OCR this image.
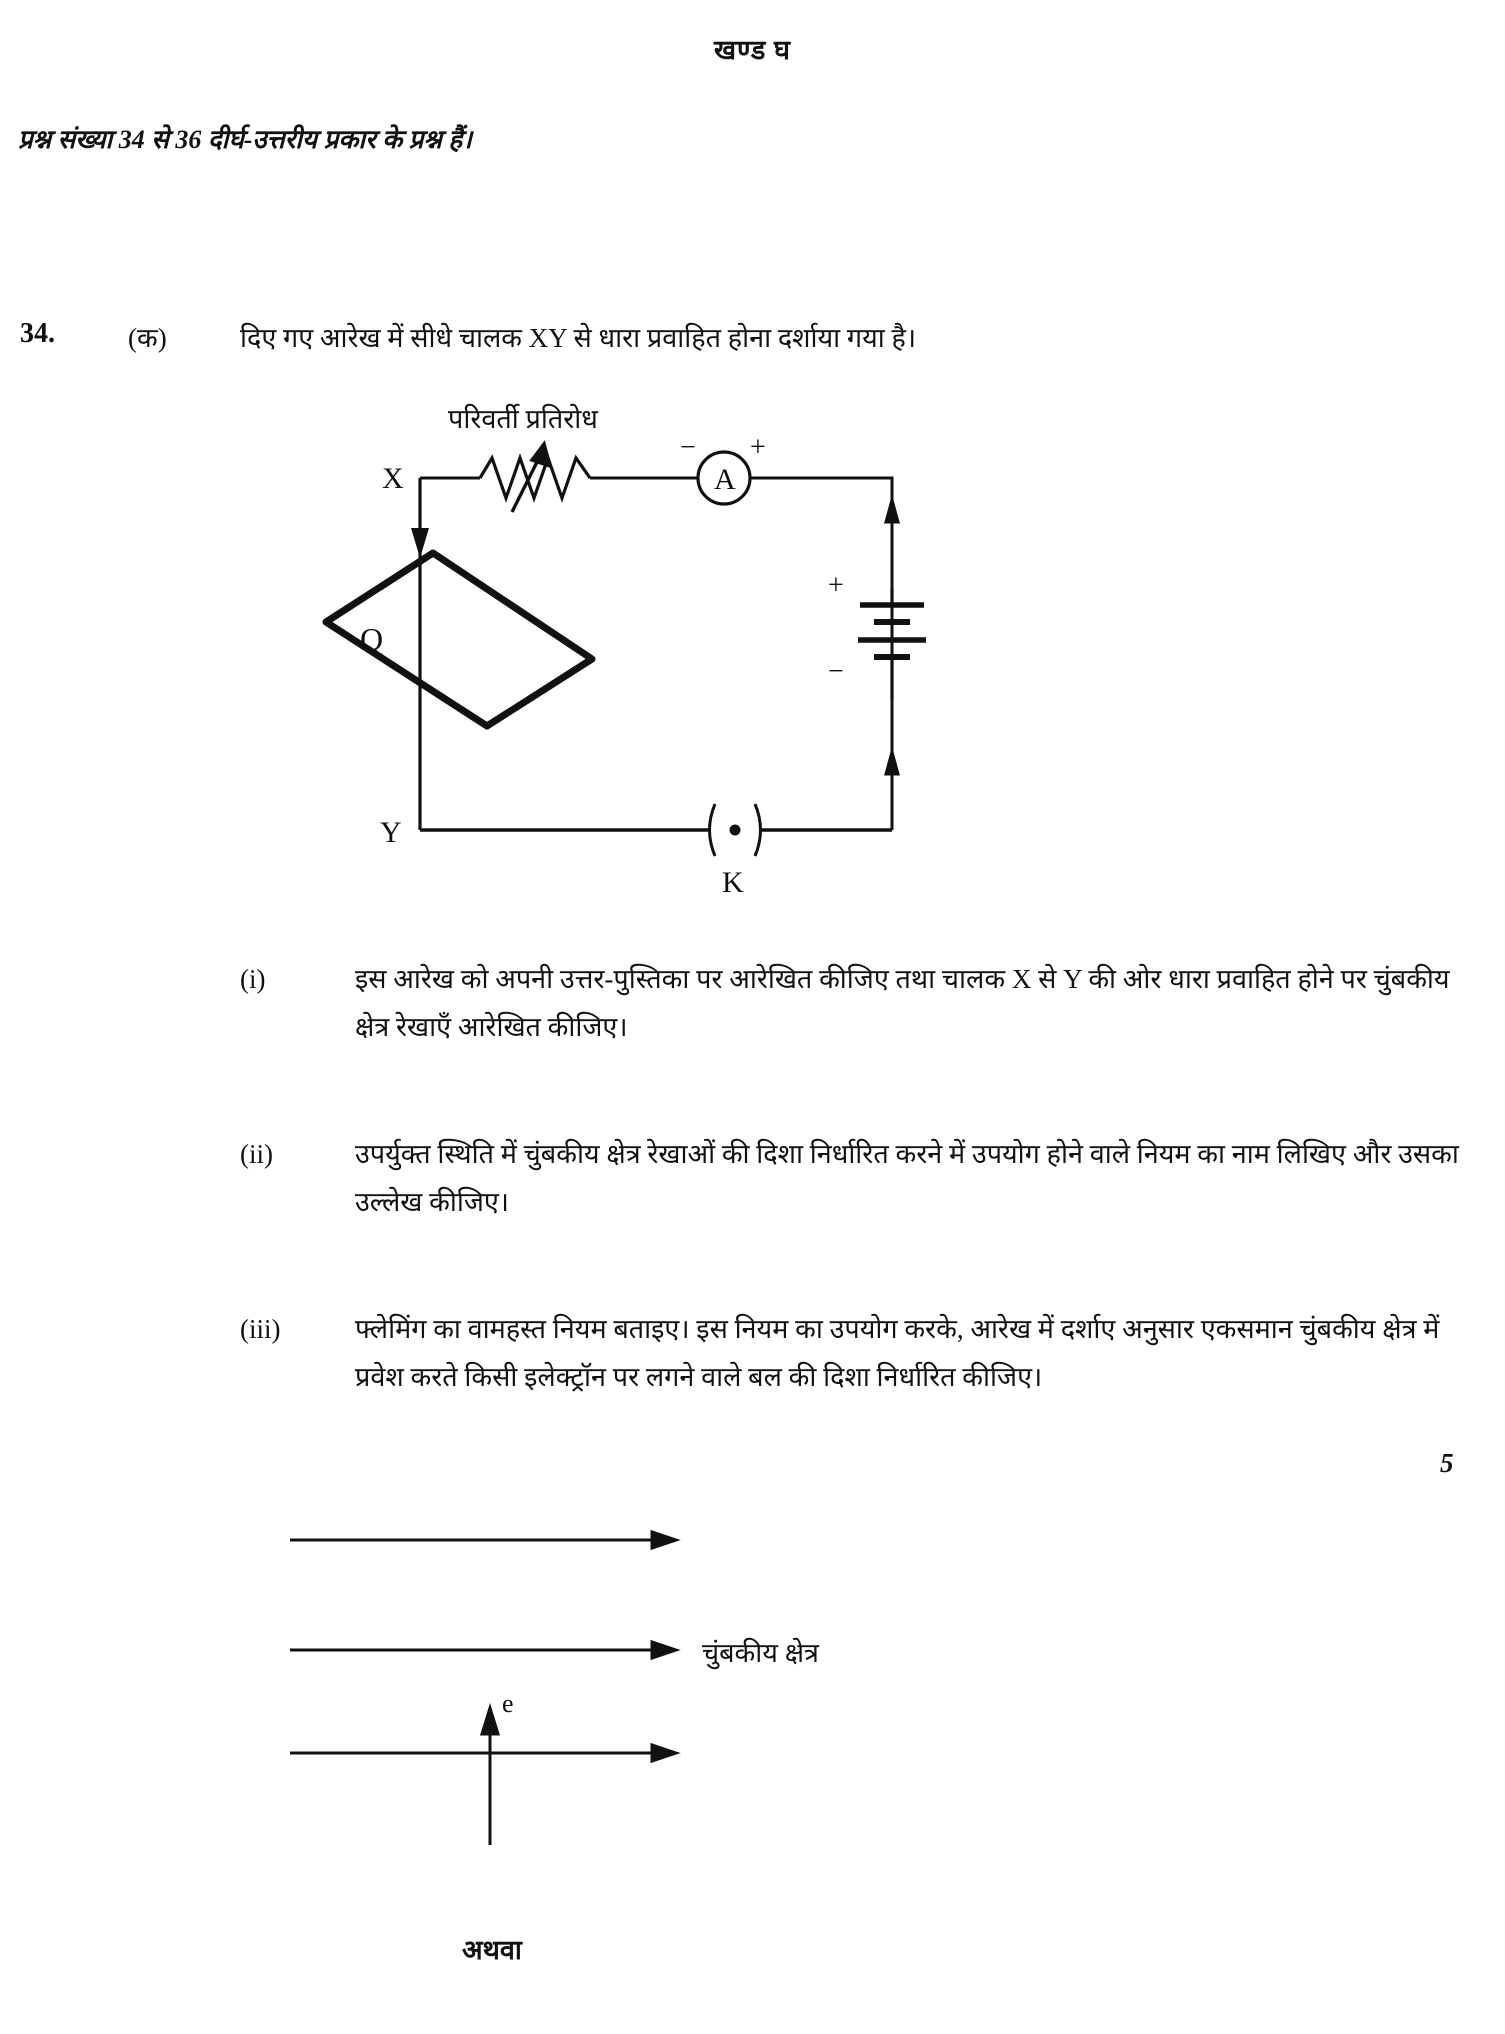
खण्ड घ
प्रश्न संख्या 34 से 36 दीर्घ-उत्तरीय प्रकार के प्रश्न हैं।
34.	(क)	दिए गए आरेख में सीधे चालक XY से धारा प्रवाहित होना दर्शाया गया है।
परिवर्ती प्रतिरोध
X	A
− +
+
−
K
Y
Q
(i)	इस आरेख को अपनी उत्तर-पुस्तिका पर आरेखित कीजिए तथा चालक X से Y की ओर धारा प्रवाहित होने पर चुंबकीय क्षेत्र रेखाएँ आरेखित कीजिए।
(ii)	उपर्युक्त स्थिति में चुंबकीय क्षेत्र रेखाओं की दिशा निर्धारित करने में उपयोग होने वाले नियम का नाम लिखिए और उसका उल्लेख कीजिए।
(iii)	फ्लेमिंग का वामहस्त नियम बताइए। इस नियम का उपयोग करके, आरेख में दर्शाए अनुसार एकसमान चुंबकीय क्षेत्र में प्रवेश करते किसी इलेक्ट्रॉन पर लगने वाले बल की दिशा निर्धारित कीजिए।
5
चुंबकीय क्षेत्र
e
अथवा
